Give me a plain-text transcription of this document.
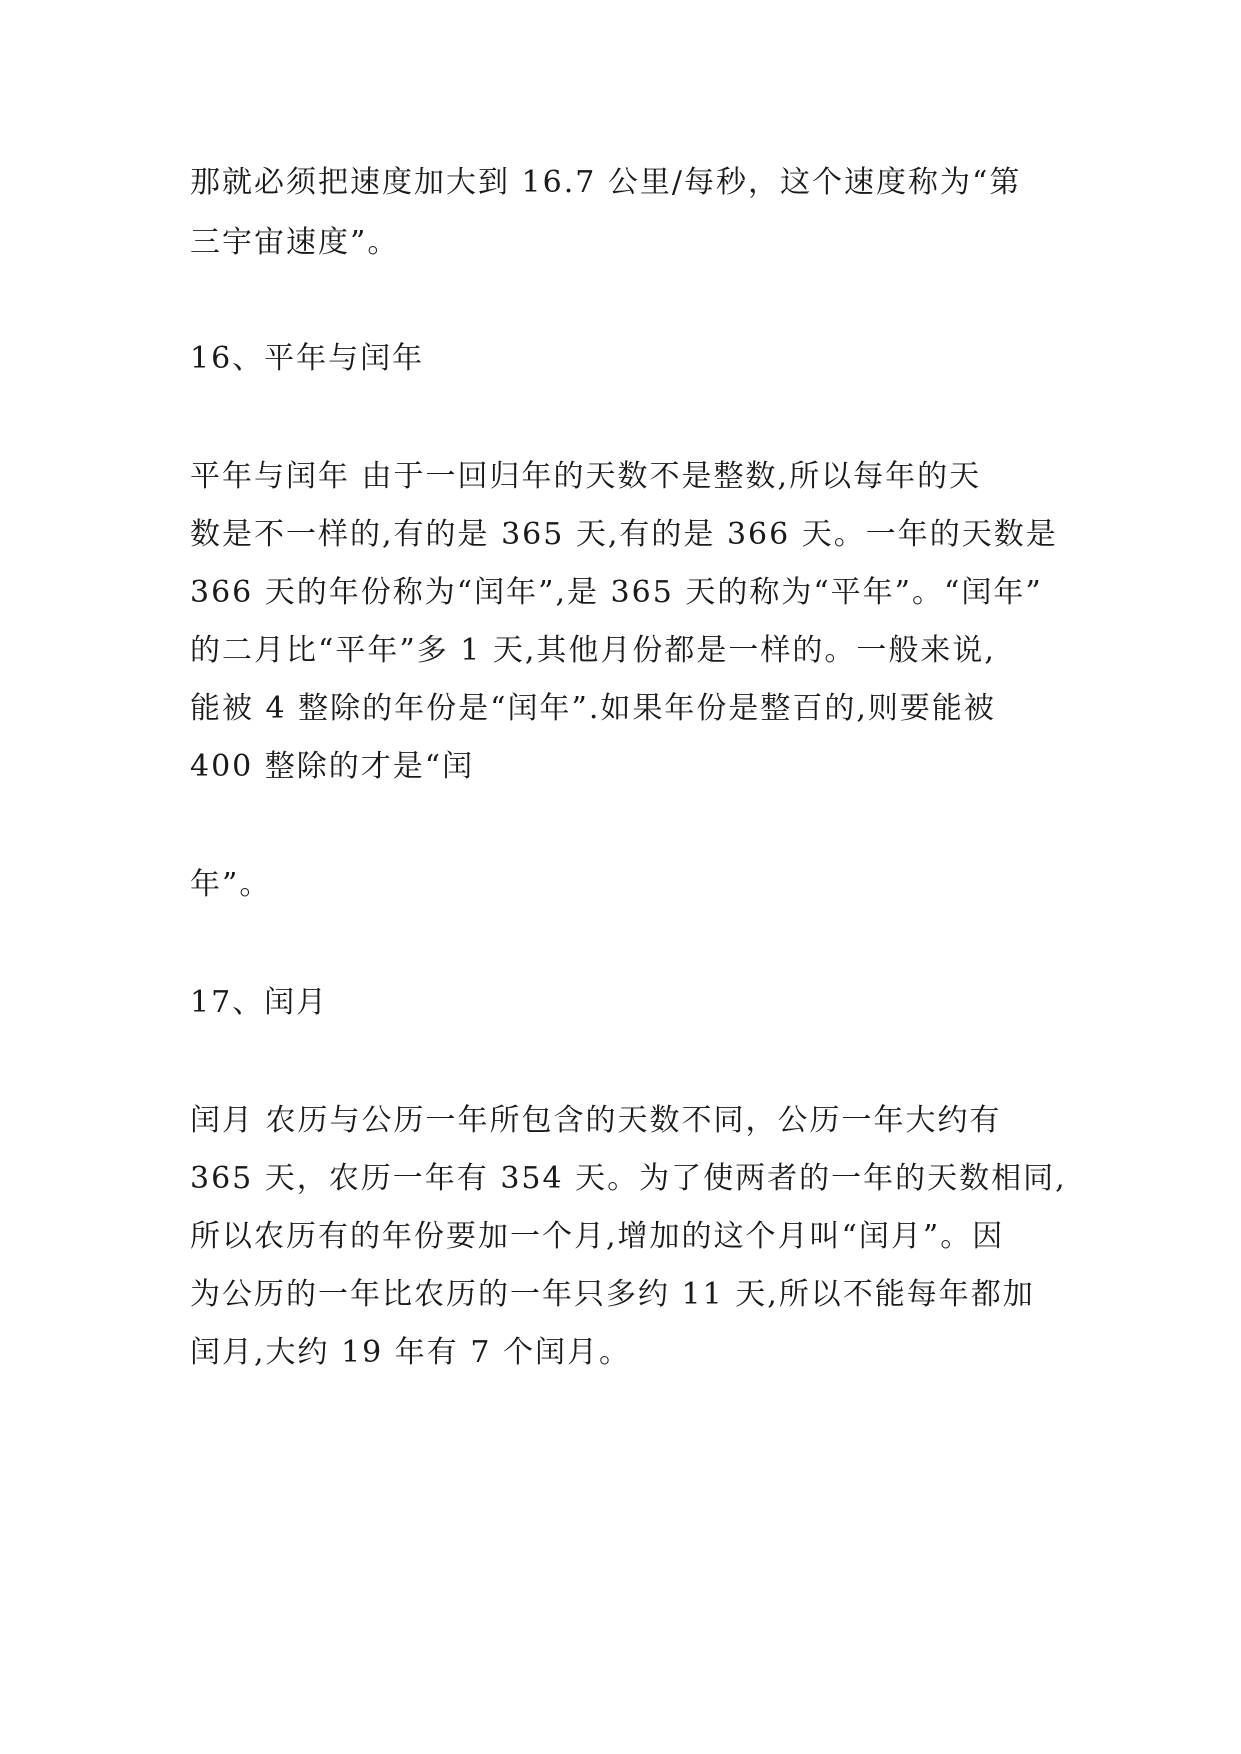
那就必须把速度加大到 16.7 公里/每秒，这个速度称为“第
三宇宙速度”。
16、平年与闰年
平年与闰年 由于一回归年的天数不是整数,所以每年的天
数是不一样的,有的是 365 天,有的是 366 天。一年的天数是
366 天的年份称为“闰年”,是 365 天的称为“平年”。“闰年”
的二月比“平年”多 1 天,其他月份都是一样的。一般来说,
能被 4 整除的年份是“闰年”.如果年份是整百的,则要能被
400 整除的才是“闰
年”。
17、闰月
闰月 农历与公历一年所包含的天数不同，公历一年大约有
365 天，农历一年有 354 天。为了使两者的一年的天数相同,
所以农历有的年份要加一个月,增加的这个月叫“闰月”。因
为公历的一年比农历的一年只多约 11 天,所以不能每年都加
闰月,大约 19 年有 7 个闰月。
